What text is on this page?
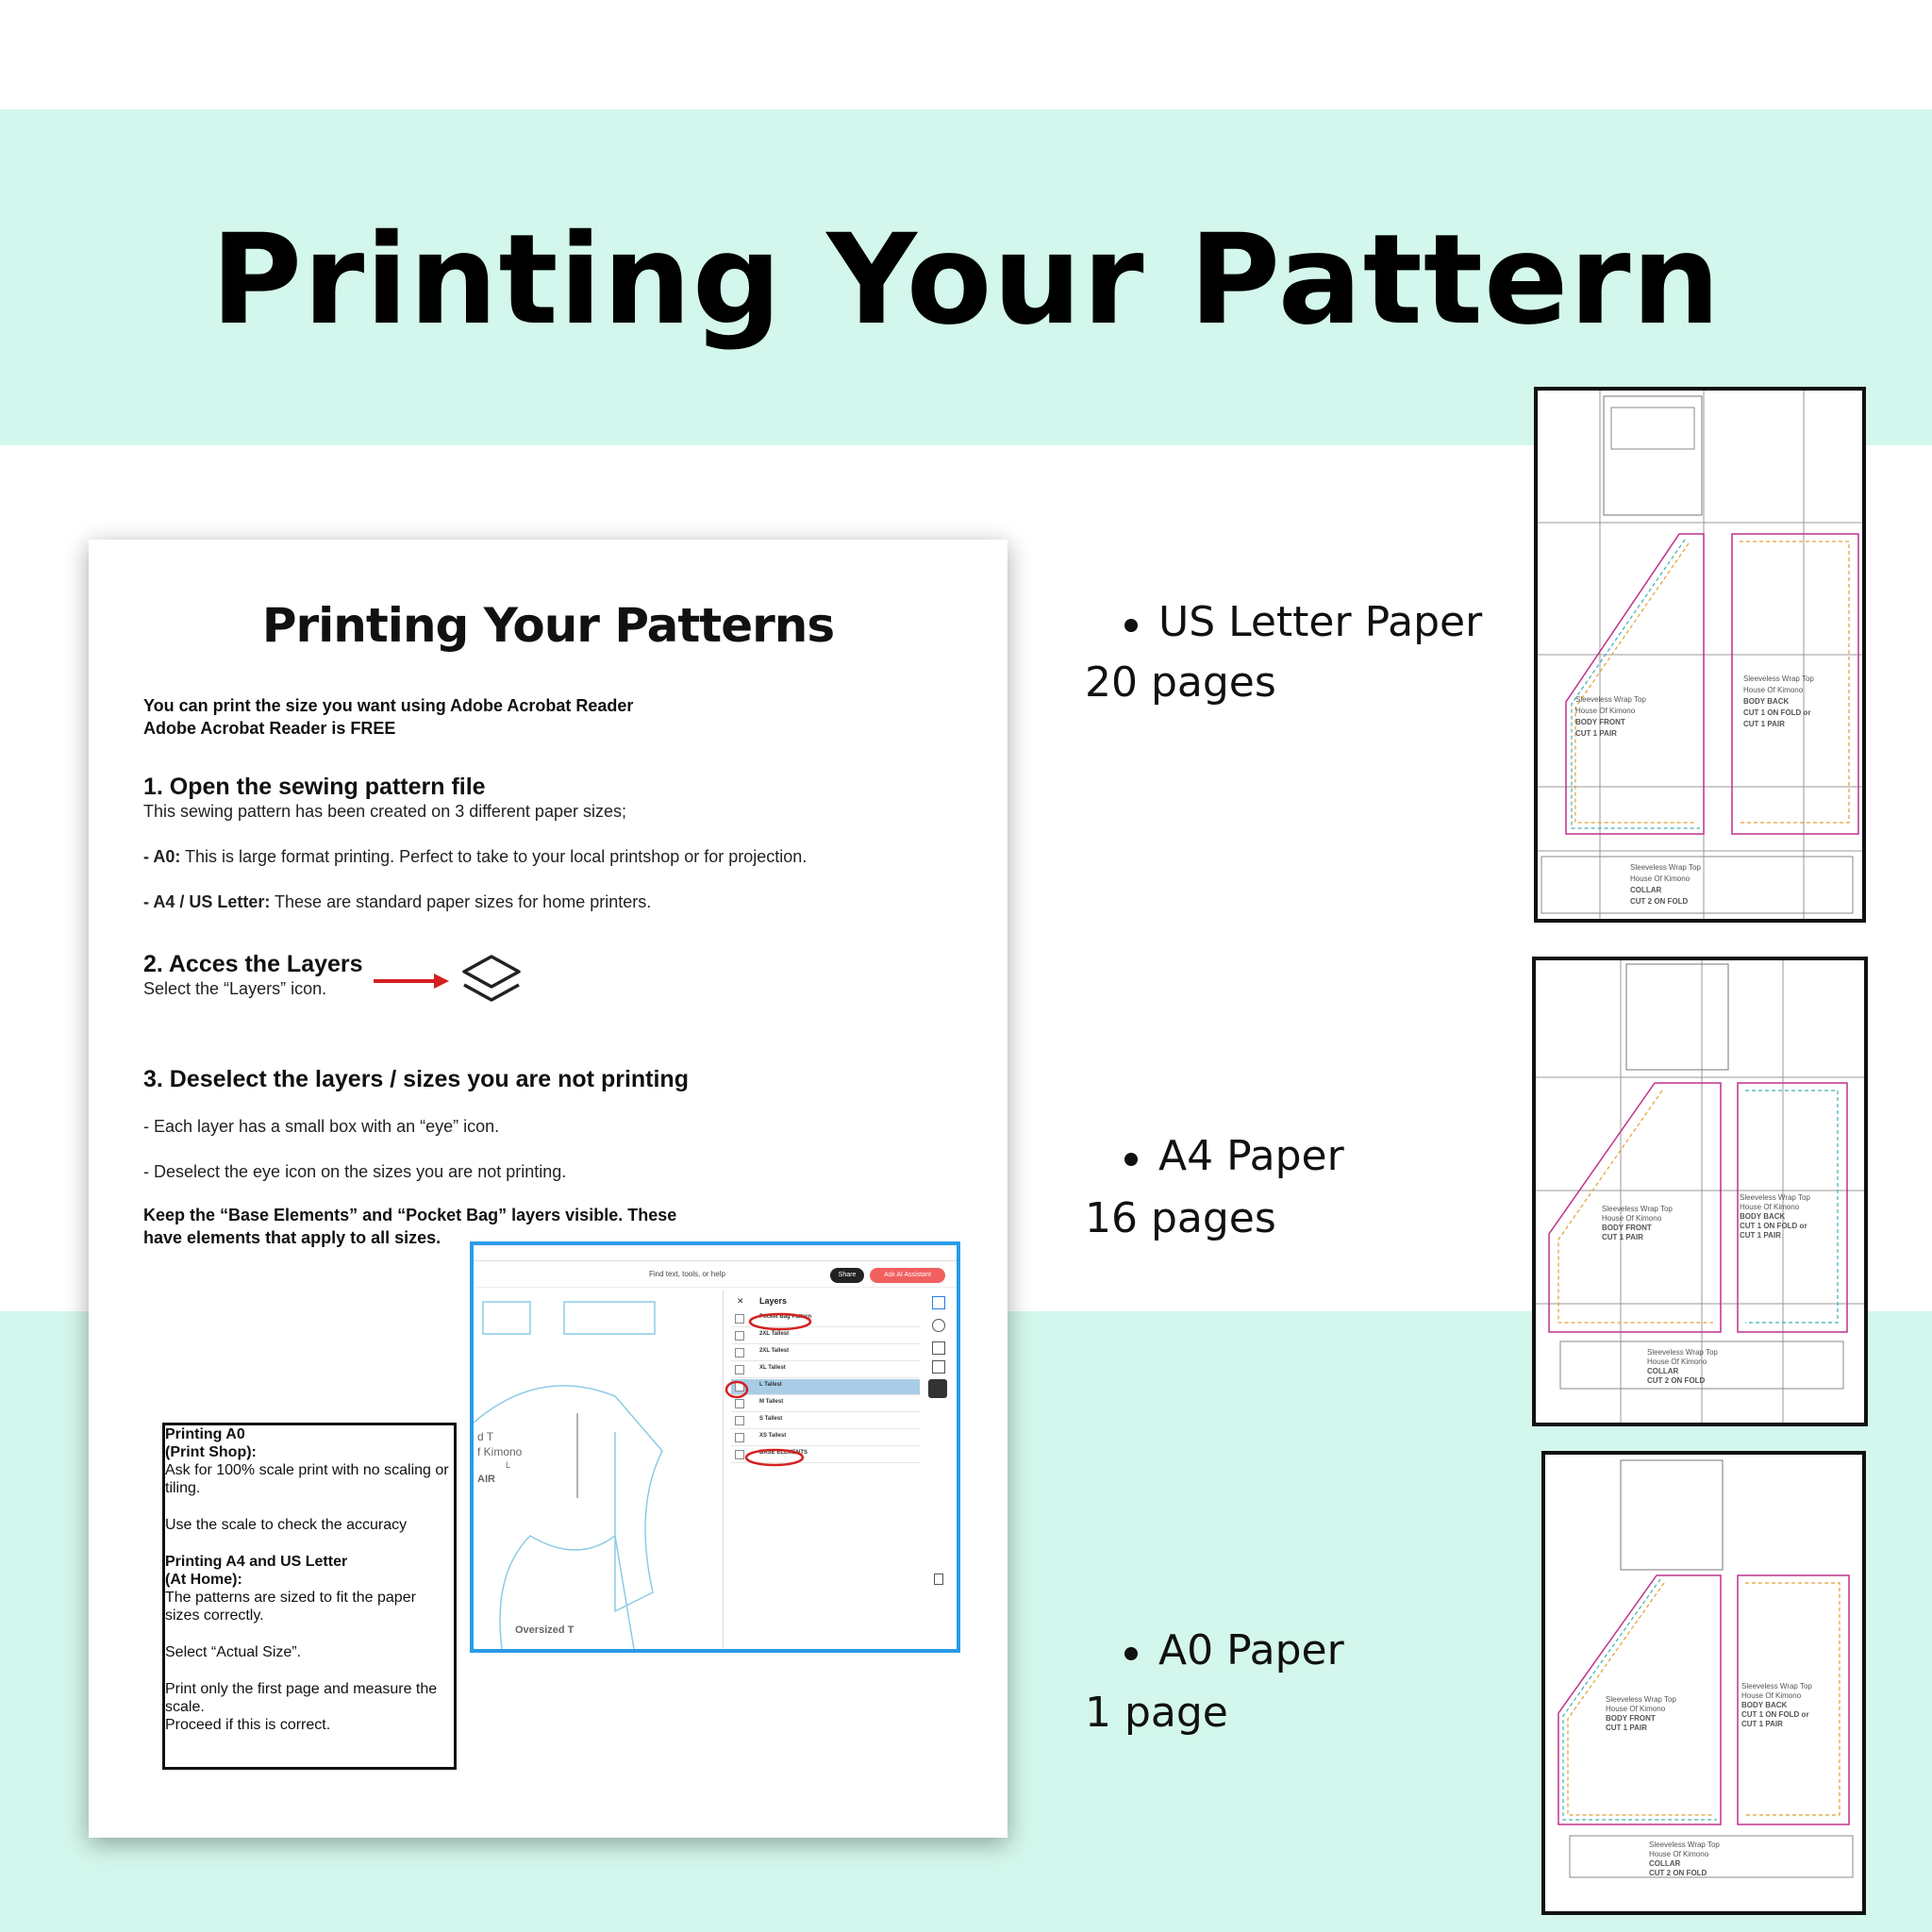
Printing Your Pattern
Printing Your Patterns
You can print the size you want using Adobe Acrobat Reader
Adobe Acrobat Reader is FREE
1. Open the sewing pattern file
This sewing pattern has been created on 3 different paper sizes;
- A0: This is large format printing. Perfect to take to your local printshop or for projection.
- A4 / US Letter: These are standard paper sizes for home printers.
2. Acces the Layers
Select the “Layers” icon.
3. Deselect the layers / sizes you are not printing
- Each layer has a small box with an “eye” icon.
- Deselect the eye icon on the sizes you are not printing.
Keep the “Base Elements” and “Pocket Bag” layers visible. These
have elements that apply to all sizes.
Find text, tools, or help	Share	Ask AI Assistant
d T
f Kimono
L
AIR
Oversized T
✕ Layers
Pocket Bag Pattern
2XL Tallest
2XL Tallest
XL Tallest
L Tallest
M Tallest
S Tallest
XS Tallest
BASE ELEMENTS

Printing A0

(Print Shop):

Ask for 100% scale print with no scaling or tiling.

Use the scale to check the accuracy

Printing A4 and US Letter

(At Home):

The patterns are sized to fit the paper sizes correctly.

Select “Actual Size”.

Print only the first page and measure the scale.

Proceed if this is correct.

US Letter Paper
20 pages
A4 Paper
16 pages
A0 Paper
1 page
Sleeveless Wrap Top
House Of Kimono
BODY FRONT
CUT 1 PAIR
Sleeveless Wrap Top
House Of Kimono
BODY BACK
CUT 1 ON FOLD or
CUT 1 PAIR
Sleeveless Wrap Top
House Of Kimono
COLLAR
CUT 2 ON FOLD
Sleeveless Wrap Top
House Of Kimono
BODY FRONT
CUT 1 PAIR
Sleeveless Wrap Top
House Of Kimono
BODY BACK
CUT 1 ON FOLD or
CUT 1 PAIR
Sleeveless Wrap Top
House Of Kimono
COLLAR
CUT 2 ON FOLD
Sleeveless Wrap Top
House Of Kimono
BODY FRONT
CUT 1 PAIR
Sleeveless Wrap Top
House Of Kimono
BODY BACK
CUT 1 ON FOLD or
CUT 1 PAIR
Sleeveless Wrap Top
House Of Kimono
COLLAR
CUT 2 ON FOLD
